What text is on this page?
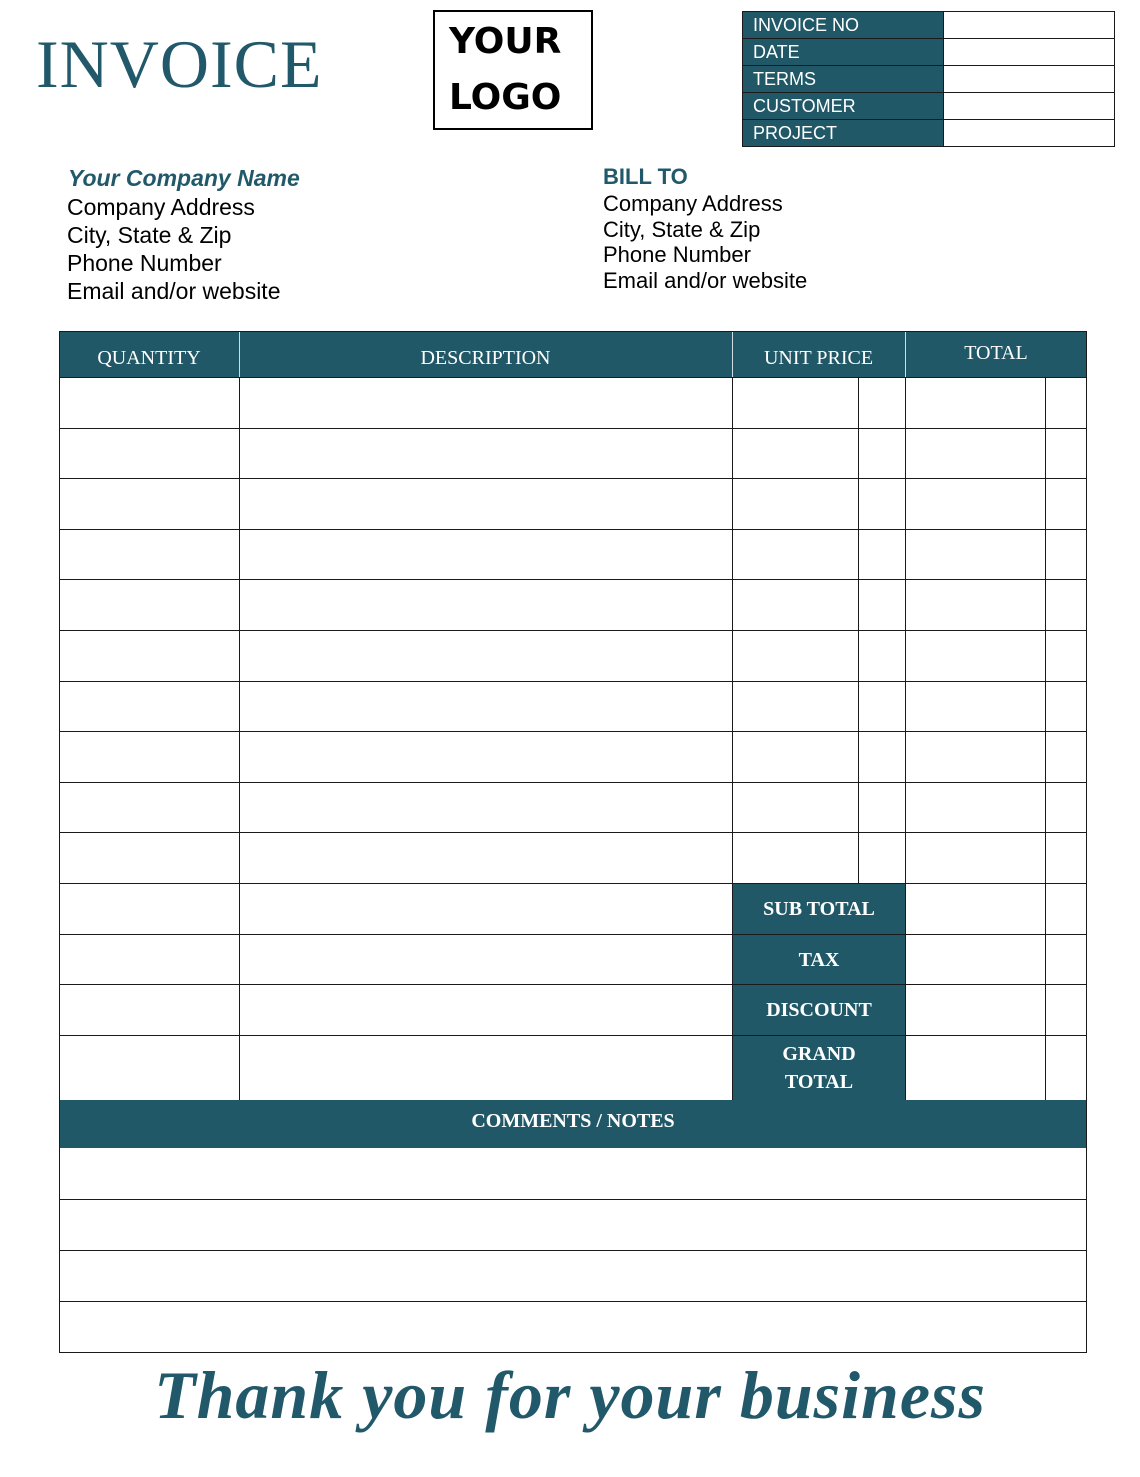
INVOICE	YOUR
LOGO
INVOICE NO	
DATE	
TERMS	
CUSTOMER	
PROJECT	
Your Company Name
Company Address
City, State & Zip
Phone Number
Email and/or website
BILL TO
Company Address
City, State & Zip
Phone Number
Email and/or website
QUANTITY	DESCRIPTION	UNIT PRICE	TOTAL
SUB TOTAL
TAX
DISCOUNT
GRAND
TOTAL
COMMENTS / NOTES
Thank you for your business
